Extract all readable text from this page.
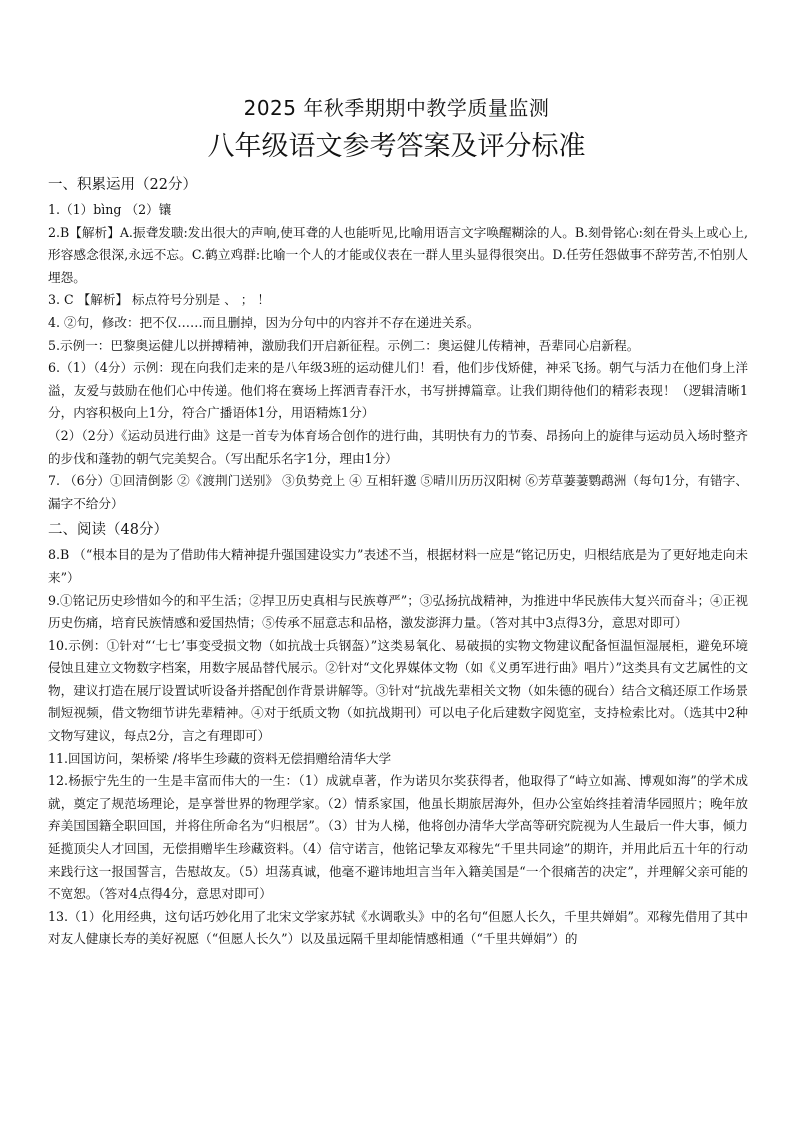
2025 年秋季期期中教学质量监测
八年级语文参考答案及评分标准

一、积累运用（22分）

1.（1）bìng （2）镶

2.B【解析】A.振聋发聩:发出很大的声响,使耳聋的人也能听见,比喻用语言文字唤醒糊涂的人。B.刻骨铭心:刻在骨头上或心上,形容感念很深,永远不忘。C.鹤立鸡群:比喻一个人的才能或仪表在一群人里头显得很突出。D.任劳任怨做事不辞劳苦,不怕别人埋怨。

3. C 【解析】 标点符号分别是 、 ； ！

4. ②句，修改：把不仅……而且删掉，因为分句中的内容并不存在递进关系。

5.示例一：巴黎奥运健儿以拼搏精神，激励我们开启新征程。示例二：奥运健儿传精神，吾辈同心启新程。

6.（1）（4分）示例：现在向我们走来的是八年级3班的运动健儿们！看，他们步伐矫健，神采飞扬。朝气与活力在他们身上洋溢，友爱与鼓励在他们心中传递。他们将在赛场上挥洒青春汗水，书写拼搏篇章。让我们期待他们的精彩表现！（逻辑清晰1分，内容积极向上1分，符合广播语体1分，用语精炼1分）

（2）（2分）《运动员进行曲》这是一首专为体育场合创作的进行曲，其明快有力的节奏、昂扬向上的旋律与运动员入场时整齐的步伐和蓬勃的朝气完美契合。（写出配乐名字1分，理由1分）

7. （6分）①回清倒影 ②《渡荆门送别》 ③负势竞上 ④ 互相轩邈 ⑤晴川历历汉阳树 ⑥芳草萋萋鹦鹉洲（每句1分，有错字、漏字不给分）

二、阅读（48分）

8.B （“根本目的是为了借助伟大精神提升强国建设实力”表述不当，根据材料一应是“铭记历史，归根结底是为了更好地走向未来”）

9.①铭记历史珍惜如今的和平生活；②捍卫历史真相与民族尊严”；③弘扬抗战精神，为推进中华民族伟大复兴而奋斗；④正视历史伤痛，培育民族情感和爱国热情；⑤传承不屈意志和品格，激发澎湃力量。（答对其中3点得3分，意思对即可）

10.示例：①针对“‘七七’事变受损文物（如抗战士兵钢盔）”这类易氧化、易破损的实物文物建议配备恒温恒湿展柜，避免环境侵蚀且建立文物数字档案，用数字展品替代展示。②针对“文化界媒体文物（如《义勇军进行曲》唱片）”这类具有文艺属性的文物，建议打造在展厅设置试听设备并搭配创作背景讲解等。③针对“抗战先辈相关文物（如朱德的砚台）结合文稿还原工作场景制短视频，借文物细节讲先辈精神。④对于纸质文物（如抗战期刊）可以电子化后建数字阅览室，支持检索比对。（选其中2种文物写建议，每点2分，言之有理即可）

11.回国访问，架桥梁 /将毕生珍藏的资料无偿捐赠给清华大学

12.杨振宁先生的一生是丰富而伟大的一生：（1）成就卓著，作为诺贝尔奖获得者，他取得了“峙立如嵩、博观如海”的学术成就，奠定了规范场理论，是享誉世界的物理学家。（2）情系家国，他虽长期旅居海外，但办公室始终挂着清华园照片；晚年放弃美国国籍全职回国，并将住所命名为“归根居”。（3）甘为人梯，他将创办清华大学高等研究院视为人生最后一件大事，倾力延揽顶尖人才回国，无偿捐赠毕生珍藏资料。（4）信守诺言，他铭记挚友邓稼先“千里共同途”的期许，并用此后五十年的行动来践行这一报国誓言，告慰故友。（5）坦荡真诚，他毫不避讳地坦言当年入籍美国是“一个很痛苦的决定”，并理解父亲可能的不宽恕。（答对4点得4分，意思对即可）

13.（1）化用经典，这句话巧妙化用了北宋文学家苏轼《水调歌头》中的名句“但愿人长久，千里共婵娟”。邓稼先借用了其中对友人健康长寿的美好祝愿（“但愿人长久”）以及虽远隔千里却能情感相通（“千里共婵娟”）的
